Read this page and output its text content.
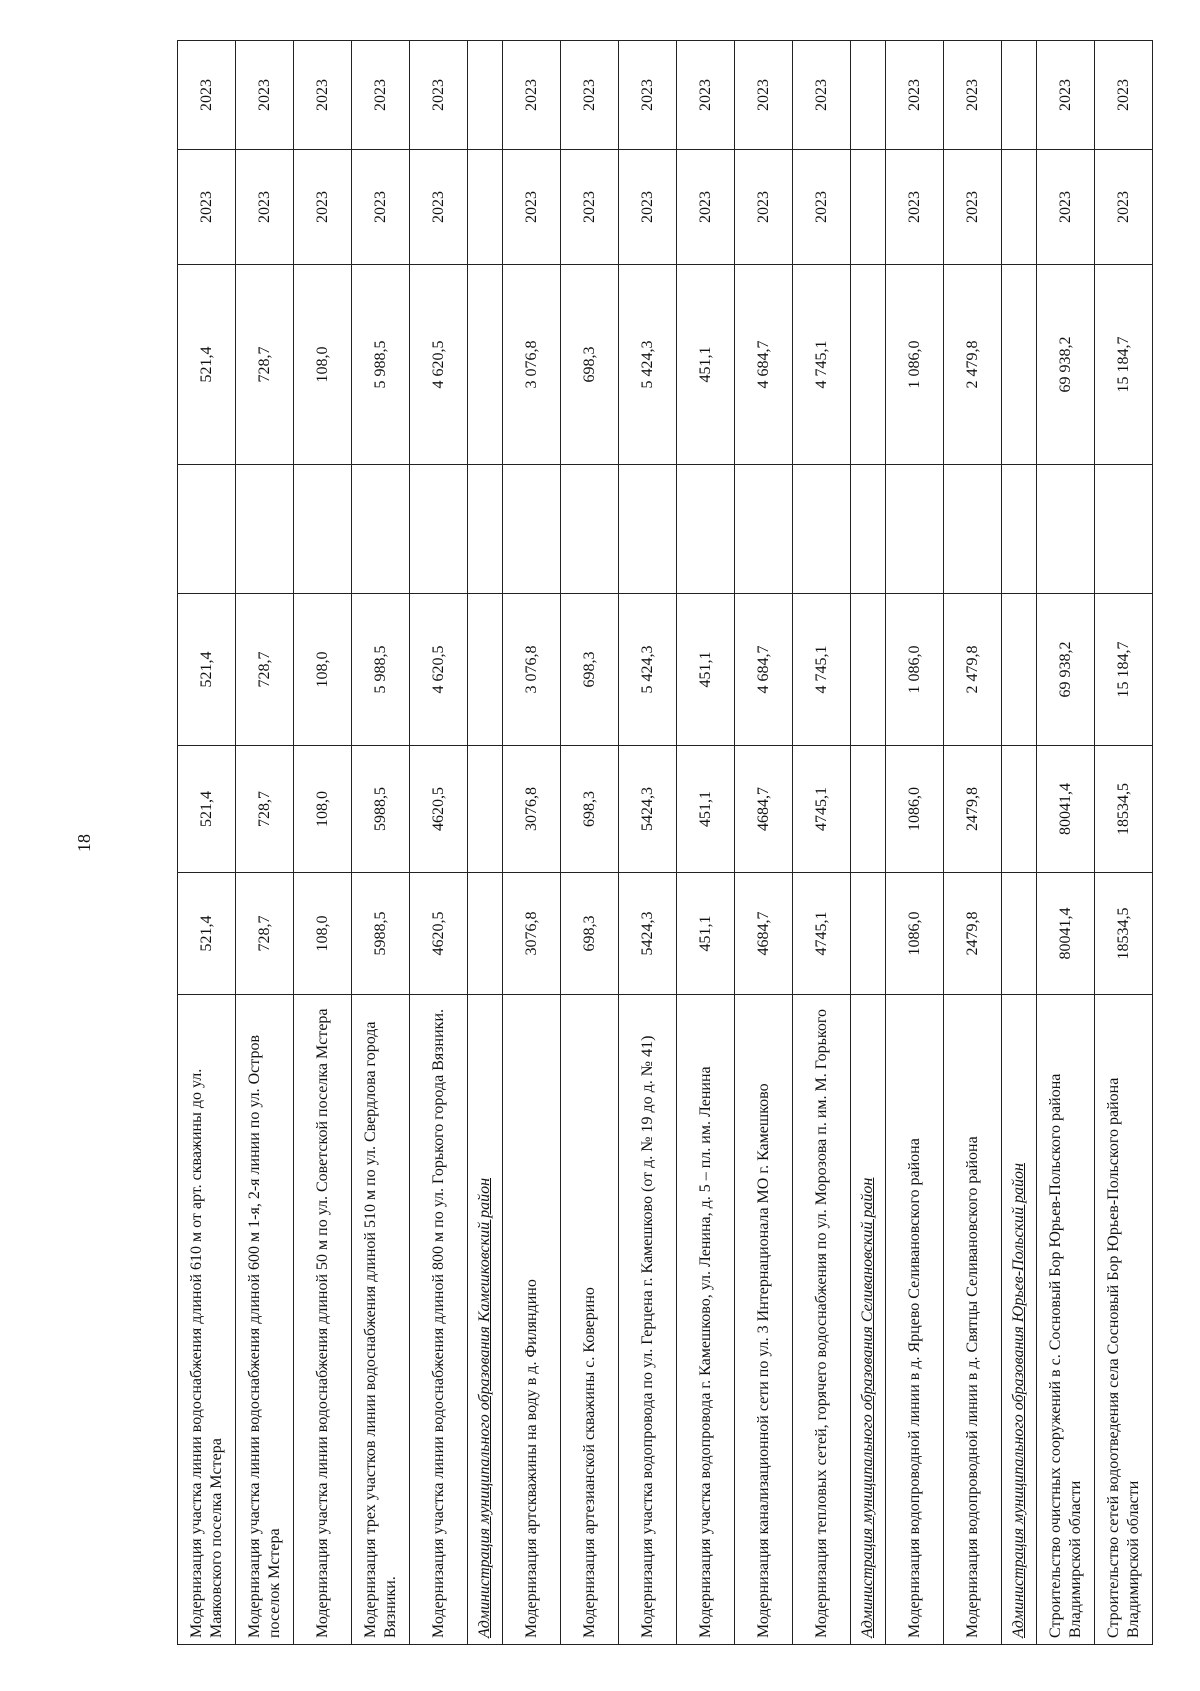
18
Модернизация участка линии водоснабжения длиной 610 м от арт. скважины до ул. Маяковского поселка Мстера	521,4	521,4	521,4		521,4	2023	2023
Модернизация участка линии водоснабжения длиной 600 м 1-я, 2-я линии по ул. Остров поселок Мстера	728,7	728,7	728,7		728,7	2023	2023
Модернизация участка линии водоснабжения длиной 50 м по ул. Советской поселка Мстера	108,0	108,0	108,0		108,0	2023	2023
Модернизация трех участков линии водоснабжения длиной 510 м по ул. Свердлова города Вязники.	5988,5	5988,5	5 988,5		5 988,5	2023	2023
Модернизация участка линии водоснабжения длиной 800 м по ул. Горького города Вязники.	4620,5	4620,5	4 620,5		4 620,5	2023	2023
Администрация муниципального образования Камешковский район							
Модернизация артскважины на воду в д. Филяндино	3076,8	3076,8	3 076,8		3 076,8	2023	2023
Модернизация артезианской скважины с. Коверино	698,3	698,3	698,3		698,3	2023	2023
Модернизация участка водопровода по ул. Герцена г. Камешково (от д. № 19 до д. № 41)	5424,3	5424,3	5 424,3		5 424,3	2023	2023
Модернизация участка водопровода г. Камешково, ул. Ленина, д. 5 – пл. им. Ленина	451,1	451,1	451,1		451,1	2023	2023
Модернизация канализационной сети по ул. 3 Интернационала МО г. Камешково	4684,7	4684,7	4 684,7		4 684,7	2023	2023
Модернизация тепловых сетей, горячего водоснабжения по ул. Морозова п. им. М. Горького	4745,1	4745,1	4 745,1		4 745,1	2023	2023
Администрация муниципального образования Селивановский район							
Модернизация водопроводной линии в д. Ярцево Селивановского района	1086,0	1086,0	1 086,0		1 086,0	2023	2023
Модернизация водопроводной линии в д. Святцы Селивановского района	2479,8	2479,8	2 479,8		2 479,8	2023	2023
Администрация муниципального образования Юрьев-Польский район							
Строительство очистных сооружений в с. Сосновый Бор Юрьев-Польского района Владимирской области	80041,4	80041,4	69 938,2		69 938,2	2023	2023
Строительство сетей водоотведения села Сосновый Бор Юрьев-Польского района Владимирской области	18534,5	18534,5	15 184,7		15 184,7	2023	2023
